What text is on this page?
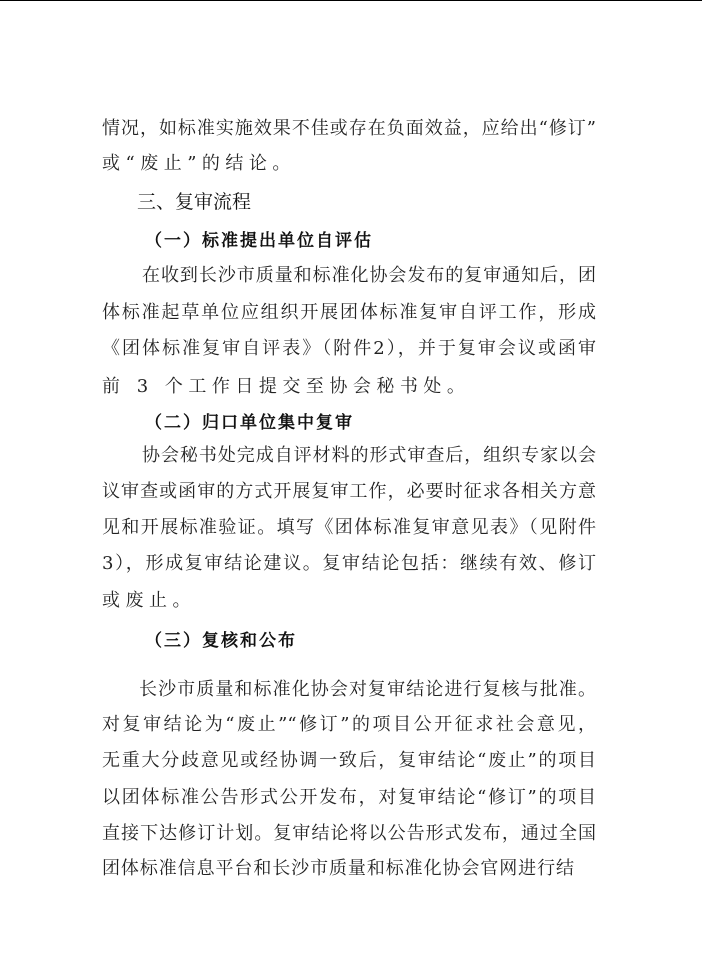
情况，如标准实施效果不佳或存在负面效益，应给出“修订”
或“废止”的结论。
三、复审流程
（一）标准提出单位自评估
在收到长沙市质量和标准化协会发布的复审通知后，团
体标准起草单位应组织开展团体标准复审自评工作，形成
《团体标准复审自评表》（附件2），并于复审会议或函审
前 3 个工作日提交至协会秘书处。
（二）归口单位集中复审
协会秘书处完成自评材料的形式审查后，组织专家以会
议审查或函审的方式开展复审工作，必要时征求各相关方意
见和开展标准验证。填写《团体标准复审意见表》（见附件
3），形成复审结论建议。复审结论包括：继续有效、修订
或废止。
（三）复核和公布
长沙市质量和标准化协会对复审结论进行复核与批准。
对复审结论为“废止”“修订”的项目公开征求社会意见，
无重大分歧意见或经协调一致后，复审结论“废止”的项目
以团体标准公告形式公开发布，对复审结论“修订”的项目
直接下达修订计划。复审结论将以公告形式发布，通过全国
团体标准信息平台和长沙市质量和标准化协会官网进行结
